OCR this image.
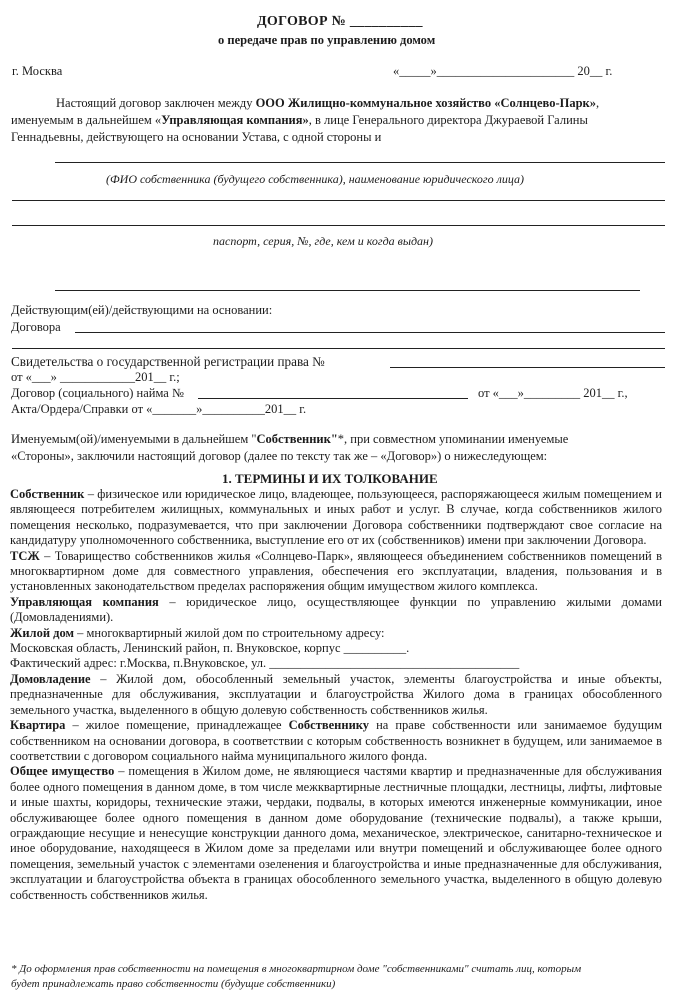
ДОГОВОР № __________
о передаче прав по управлению домом
г. Москва	«_____»______________________ 20__ г.
Настоящий договор заключен между ООО Жилищно-коммунальное хозяйство «Солнцево-Парк»,
именуемым в дальнейшем «Управляющая компания», в лице Генерального директора Джураевой Галины
Геннадьевны, действующего на основании Устава, с одной стороны и
(ФИО собственника (будущего собственника), наименование юридического лица)
паспорт, серия, №, где, кем и когда выдан)
Действующим(ей)/действующими на основании:
Договора
Свидетельства о государственной регистрации права №
от «___» ____________201__ г.;
Договор (социального) найма №	от «___»_________ 201__ г.,
Акта/Ордера/Справки от «_______»__________201__ г.
Именуемым(ой)/именуемыми в дальнейшем "Собственник"*, при совместном упоминании именуемые
«Стороны», заключили настоящий договор (далее по тексту так же – «Договор») о нижеследующем:
1. ТЕРМИНЫ И ИХ ТОЛКОВАНИЕ

Собственник – физическое или юридическое лицо, владеющее, пользующееся, распоряжающееся жилым помещением и являющееся потребителем жилищных, коммунальных и иных работ и услуг. В случае, когда собственников жилого помещения несколько, подразумевается, что при заключении Договора собственники подтверждают свое согласие на кандидатуру уполномоченного собственника, выступление его от их (собственников) имени при заключении Договора.

ТСЖ – Товарищество собственников жилья «Солнцево-Парк», являющееся объединением собственников помещений в многоквартирном доме для совместного управления, обеспечения его эксплуатации, владения, пользования и в установленных законодательством пределах распоряжения общим имуществом жилого комплекса.

Управляющая компания – юридическое лицо, осуществляющее функции по управлению жилыми домами (Домовладениями).

Жилой дом – многоквартирный жилой дом по строительному адресу:

Московская область, Ленинский район, п. Внуковское, корпус __________.

Фактический адрес: г.Москва, п.Внуковское, ул. ________________________________________

Домовладение – Жилой дом, обособленный земельный участок, элементы благоустройства и иные объекты, предназначенные для обслуживания, эксплуатации и благоустройства Жилого дома в границах обособленного земельного участка, выделенного в общую долевую собственность собственников жилья.

Квартира – жилое помещение, принадлежащее Собственнику на праве собственности или занимаемое будущим собственником на основании договора, в соответствии с которым собственность возникнет в будущем, или занимаемое в соответствии с договором социального найма муниципального жилого фонда.

Общее имущество – помещения в Жилом доме, не являющиеся частями квартир и предназначенные для обслуживания более одного помещения в данном доме, в том числе межквартирные лестничные площадки, лестницы, лифты, лифтовые и иные шахты, коридоры, технические этажи, чердаки, подвалы, в которых имеются инженерные коммуникации, иное обслуживающее более одного помещения в данном доме оборудование (технические подвалы), а также крыши, ограждающие несущие и ненесущие конструкции данного дома, механическое, электрическое, санитарно-техническое и иное оборудование, находящееся в Жилом доме за пределами или внутри помещений и обслуживающее более одного помещения, земельный участок с элементами озеленения и благоустройства и иные предназначенные для обслуживания, эксплуатации и благоустройства объекта в границах обособленного земельного участка, выделенного в общую долевую собственность собственников жилья.

* До оформления прав собственности на помещения в многоквартирном доме "собственниками" считать лиц, которым
будет принадлежать право собственности (будущие собственники)
